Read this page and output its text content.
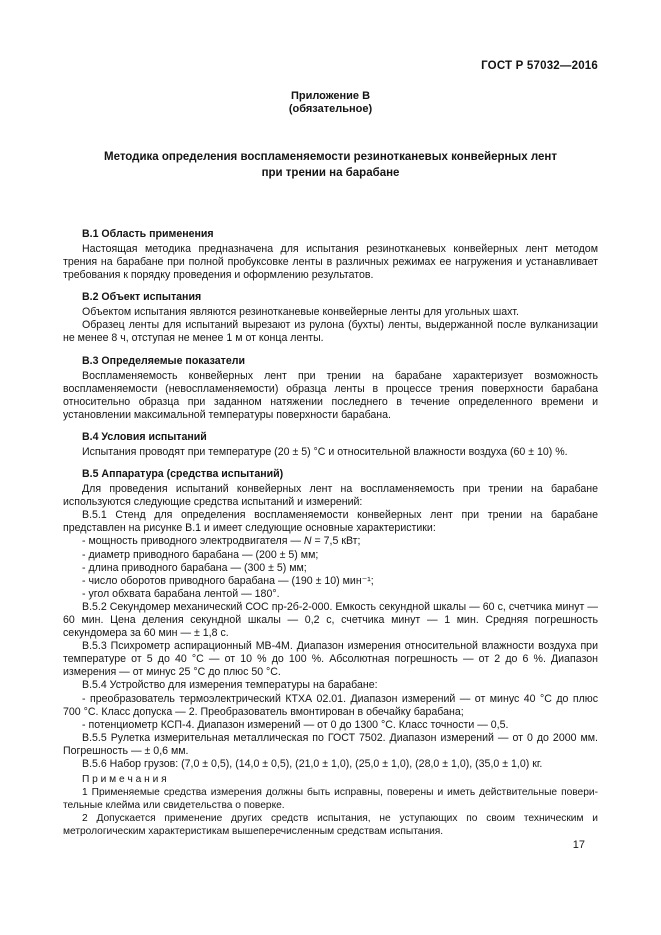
ГОСТ Р 57032—2016
Приложение В
(обязательное)
Методика определения воспламеняемости резинотканевых конвейерных лент
при трении на барабане
В.1 Область применения

Настоящая методика предназначена для испытания резинотканевых конвейерных лент методом трения на барабане при полной пробуксовке ленты в различных режимах ее нагружения и устанавливает требования к порядку проведения и оформлению результатов.

В.2 Объект испытания

Объектом испытания являются резинотканевые конвейерные ленты для угольных шахт.

Образец ленты для испытаний вырезают из рулона (бухты) ленты, выдержанной после вулканизации не менее 8 ч, отступая не менее 1 м от конца ленты.

В.3 Определяемые показатели

Воспламеняемость конвейерных лент при трении на барабане характеризует возможность воспламеняемости (невоспламеняемости) образца ленты в процессе трения поверхности барабана относительно образца при заданном натяжении последнего в течение определенного времени и установлении максимальной температуры поверхности барабана.

В.4 Условия испытаний

Испытания проводят при температуре (20 ± 5) °С и относительной влажности воздуха (60 ± 10) %.

В.5 Аппаратура (средства испытаний)

Для проведения испытаний конвейерных лент на воспламеняемость при трении на барабане используются следующие средства испытаний и измерений:

В.5.1 Стенд для определения воспламеняемости конвейерных лент при трении на барабане представлен на рисунке В.1 и имеет следующие основные характеристики:

- мощность приводного электродвигателя — N = 7,5 кВт;

- диаметр приводного барабана — (200 ± 5) мм;

- длина приводного барабана — (300 ± 5) мм;

- число оборотов приводного барабана — (190 ± 10) мин⁻¹;

- угол обхвата барабана лентой — 180°.

В.5.2 Секундомер механический СОС пр-2б-2-000. Емкость секундной шкалы — 60 с, счетчика минут — 60 мин. Цена деления секундной шкалы — 0,2 с, счетчика минут — 1 мин. Средняя погрешность секундомера за 60 мин — ± 1,8 с.

В.5.3 Психрометр аспирационный МВ-4М. Диапазон измерения относительной влажности воздуха при температуре от 5 до 40 °С — от 10 % до 100 %. Абсолютная погрешность — от 2 до 6 %. Диапазон измерения — от минус 25 °С до плюс 50 °С.

В.5.4 Устройство для измерения температуры на барабане:

- преобразователь термоэлектрический КТХА 02.01. Диапазон измерений — от минус 40 °С до плюс 700 °С. Класс допуска — 2. Преобразователь вмонтирован в обечайку барабана;

- потенциометр КСП-4. Диапазон измерений — от 0 до 1300 °С. Класс точности — 0,5.

В.5.5 Рулетка измерительная металлическая по ГОСТ 7502. Диапазон измерений — от 0 до 2000 мм. Погрешность — ± 0,6 мм.

В.5.6 Набор грузов: (7,0 ± 0,5), (14,0 ± 0,5), (21,0 ± 1,0), (25,0 ± 1,0), (28,0 ± 1,0), (35,0 ± 1,0) кг.

П р и м е ч а н и я

1 Применяемые средства измерения должны быть исправны, поверены и иметь действительные поверительные клейма или свидетельства о поверке.

2 Допускается применение других средств испытания, не уступающих по своим техническим и метрологическим характеристикам вышеперечисленным средствам испытания.

17
